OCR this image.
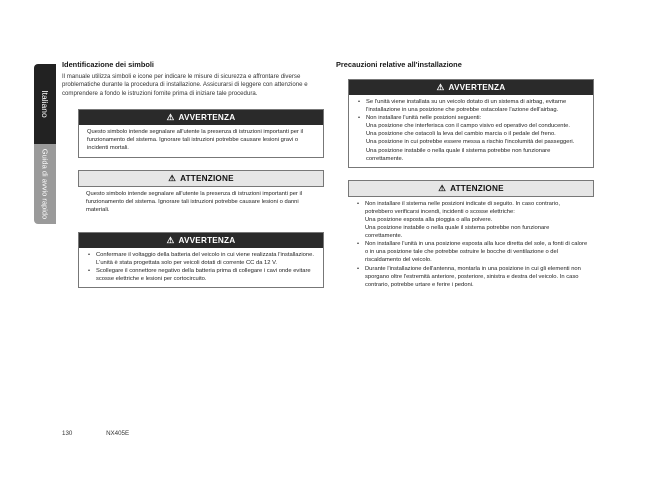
Italiano
Guida di avvio rapido
Identificazione dei simboli
Il manuale utilizza simboli e icone per indicare le misure di sicurezza e affrontare diverse problematiche durante la procedura di installazione. Assicurarsi di leggere con attenzione e comprendere a fondo le istruzioni fornite prima di iniziare tale procedura.
⚠ AVVERTENZA
Questo simbolo intende segnalare all'utente la presenza di istruzioni importanti per il funzionamento del sistema. Ignorare tali istruzioni potrebbe causare lesioni gravi o incidenti mortali.
⚠ ATTENZIONE
Questo simbolo intende segnalare all'utente la presenza di istruzioni importanti per il funzionamento del sistema. Ignorare tali istruzioni potrebbe causare lesioni o danni materiali.
⚠ AVVERTENZA
• Confermare il voltaggio della batteria del veicolo in cui viene realizzata l'installazione. L'unità è stata progettata solo per veicoli dotati di corrente CC da 12 V.
• Scollegare il connettore negativo della batteria prima di collegare i cavi onde evitare scosse elettriche e lesioni per cortocircuito.
Precauzioni relative all'installazione
⚠ AVVERTENZA
• Se l'unità viene installata su un veicolo dotato di un sistema di airbag, evitarne l'installazione in una posizione che potrebbe ostacolare l'azione dell'airbag.
• Non installare l'unità nelle posizioni seguenti:
Una posizione che interferisca con il campo visivo ed operativo del conducente.
Una posizione che ostacoli la leva del cambio marcia o il pedale del freno.
Una posizione in cui potrebbe essere messa a rischio l'incolumità dei passeggeri.
Una posizione instabile o nella quale il sistema potrebbe non funzionare correttamente.
⚠ ATTENZIONE
• Non installare il sistema nelle posizioni indicate di seguito. In caso contrario, potrebbero verificarsi incendi, incidenti o scosse elettriche:
Una posizione esposta alla pioggia o alla polvere.
Una posizione instabile o nella quale il sistema potrebbe non funzionare correttamente.
• Non installare l'unità in una posizione esposta alla luce diretta del sole, a fonti di calore o in una posizione tale che potrebbe ostruire le bocche di ventilazione o del riscaldamento del veicolo.
• Durante l'installazione dell'antenna, montarla in una posizione in cui gli elementi non sporgano oltre l'estremità anteriore, posteriore, sinistra e destra del veicolo. In caso contrario, potrebbe urtare e ferire i pedoni.
130	NX405E
